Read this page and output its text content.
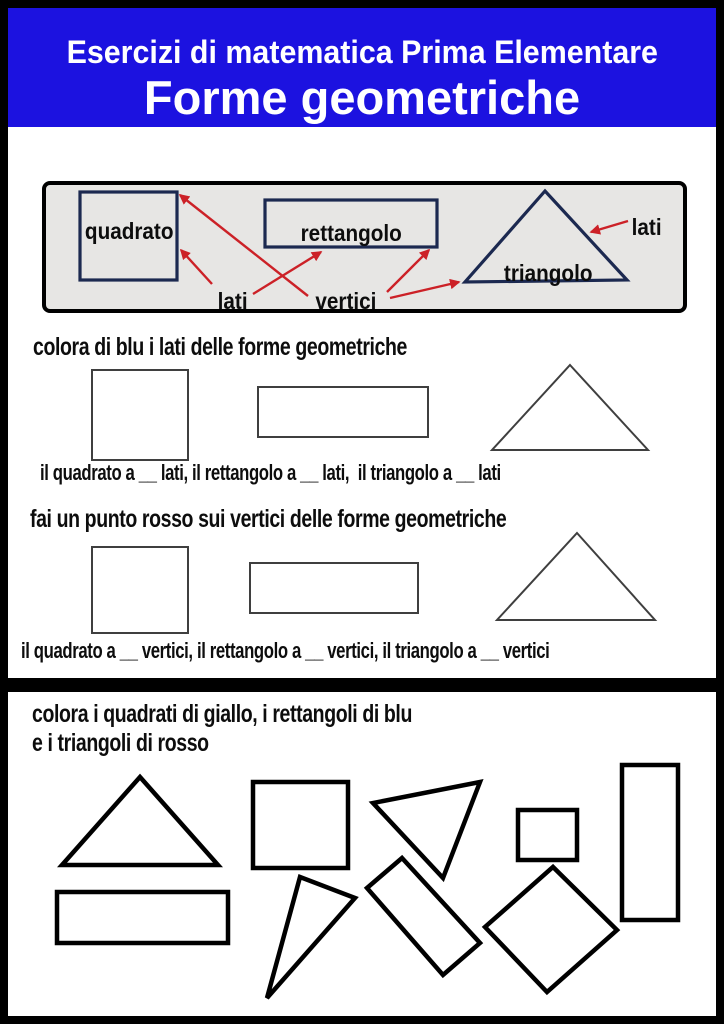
Esercizi di matematica Prima Elementare
Forme geometriche
quadrato	rettangolo
triangolo
lati	vertici
lati
colora di blu i lati delle forme geometriche
il quadrato a __ lati, il rettangolo a __ lati,  il triangolo a __ lati
fai un punto rosso sui vertici delle forme geometriche
il quadrato a __ vertici, il rettangolo a __ vertici, il triangolo a __ vertici
colora i quadrati di giallo, i rettangoli di blu
e i triangoli di rosso
